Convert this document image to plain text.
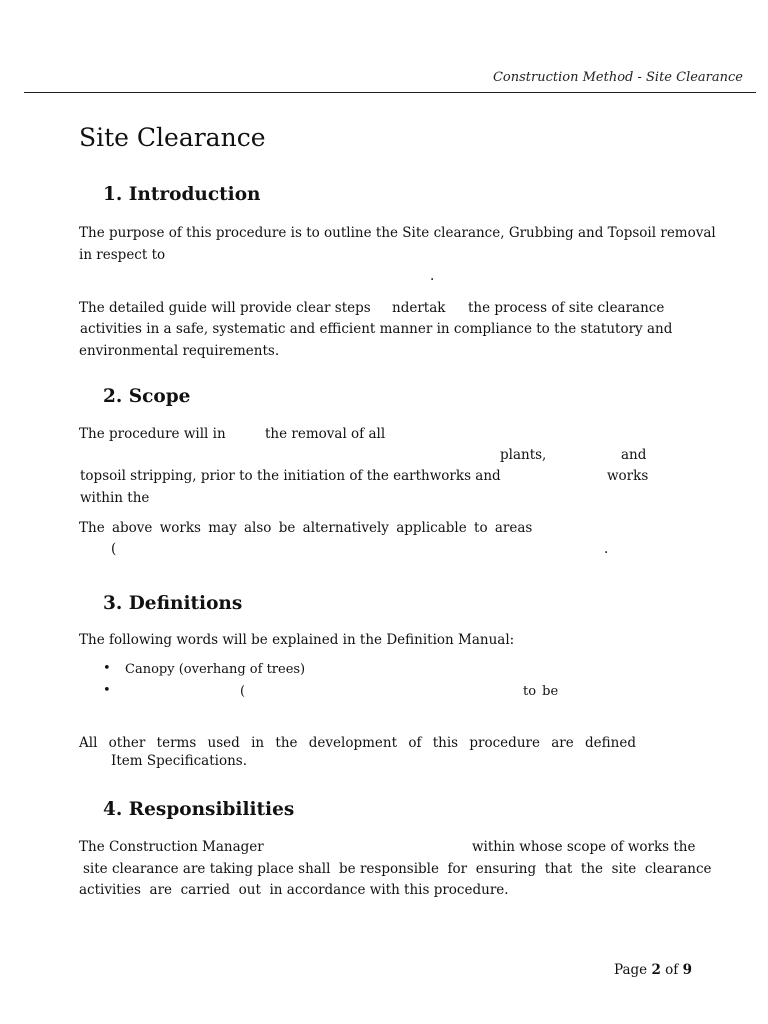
Construction Method - Site Clearance
Site Clearance
1. Introduction
The purpose of this procedure is to outline the Site clearance, Grubbing and Topsoil removal
in respect to
.
The detailed guide will provide clear steps ndertak the process of site clearance
activities in a safe, systematic and efficient manner in compliance to the statutory and
environmental requirements.
2. Scope
The procedure will in	the removal of all
plants,	and
topsoil stripping, prior to the initiation of the earthworks and	works
within the
The above works may also be alternatively applicable to areas
(	.
3. Definitions
The following words will be explained in the Definition Manual:
• Canopy (overhang of trees)
•	(	to be
All other terms used in the development of this procedure are defined
Item Specifications.
4. Responsibilities
The Construction Manager	within whose scope of works the
site clearance are taking place shall  be responsible  for  ensuring  that  the  site  clearance
activities  are  carried  out  in accordance with this procedure.
Page 2 of 9
